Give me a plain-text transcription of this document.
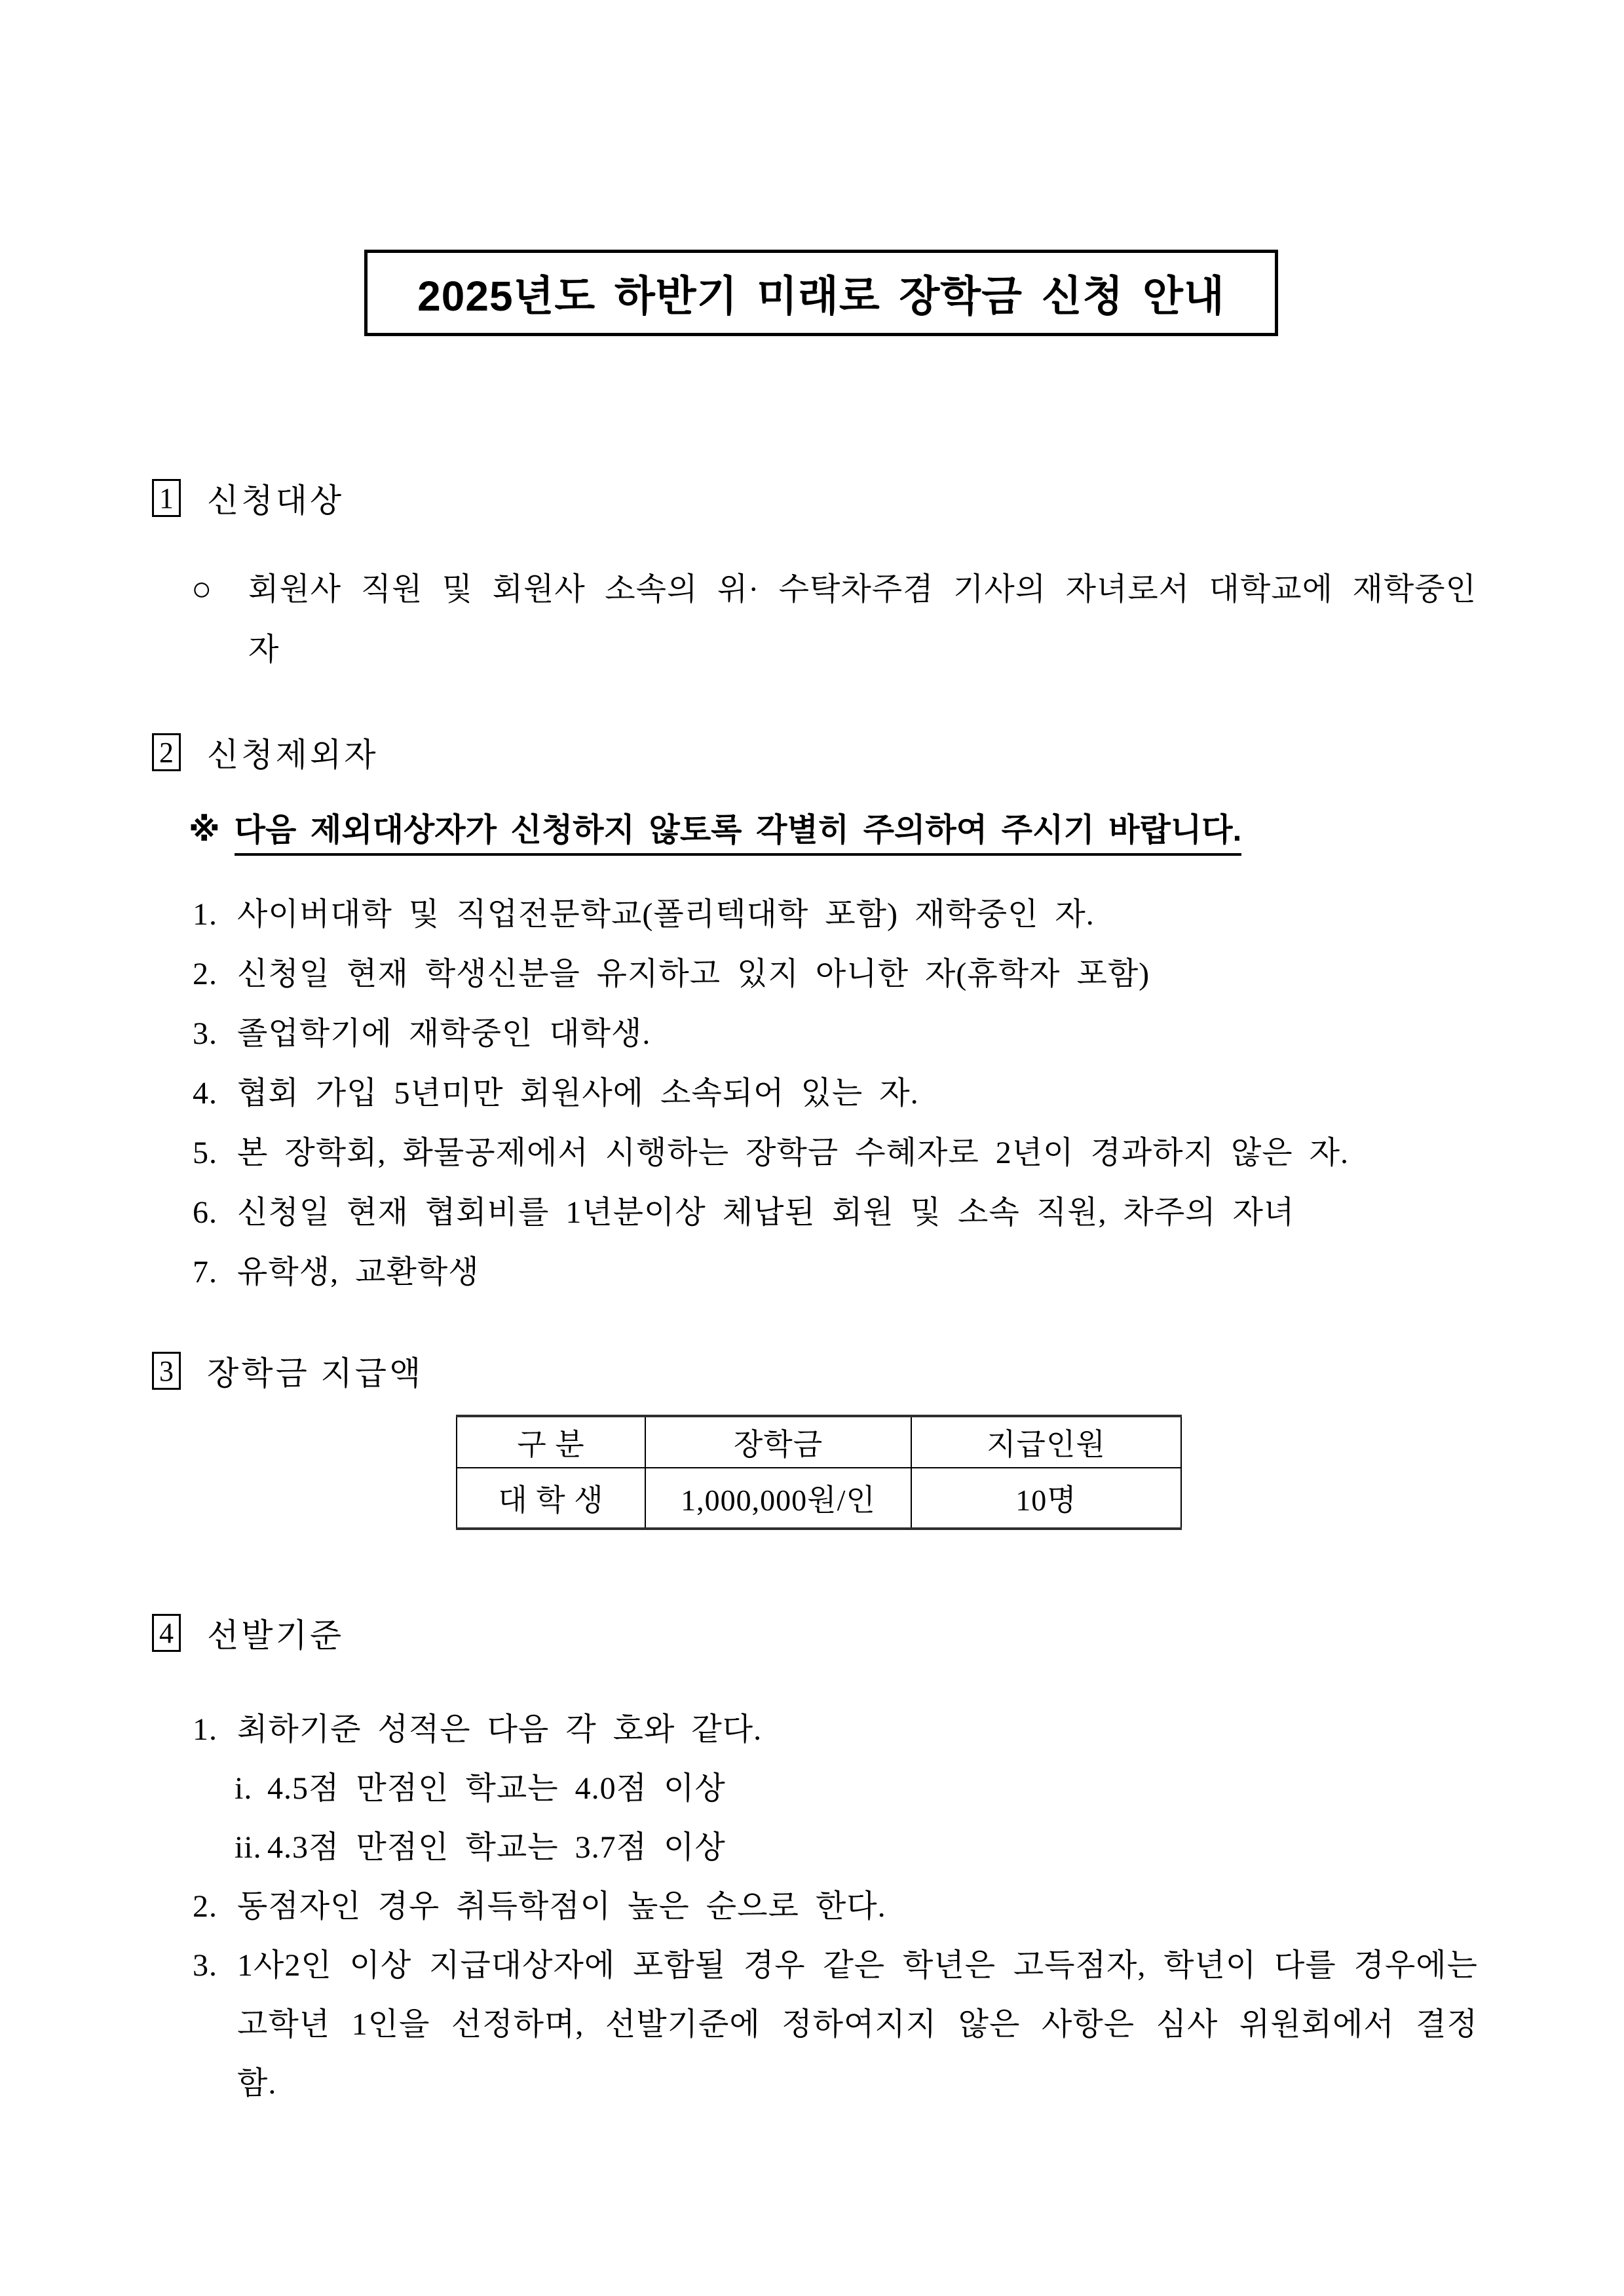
2025년도 하반기 미래로 장학금 신청 안내
1 신청대상
○	회원사 직원 및 회원사 소속의 위· 수탁차주겸 기사의 자녀로서 대학교에 재학중인 자
2 신청제외자
※ 다음 제외대상자가 신청하지 않토록 각별히 주의하여 주시기 바랍니다.
1. 사이버대학 및 직업전문학교(폴리텍대학 포함) 재학중인 자.
2. 신청일 현재 학생신분을 유지하고 있지 아니한 자(휴학자 포함)
3. 졸업학기에 재학중인 대학생.
4. 협회 가입 5년미만 회원사에 소속되어 있는 자.
5. 본 장학회, 화물공제에서 시행하는 장학금 수혜자로 2년이 경과하지 않은 자.
6. 신청일 현재 협회비를 1년분이상 체납된 회원 및 소속 직원, 차주의 자녀
7. 유학생, 교환학생
3 장학금 지급액
구 분	장학금	지급인원
대 학 생	1,000,000원/인	10명
4 선발기준
1. 최하기준 성적은 다음 각 호와 같다.
i. 4.5점 만점인 학교는 4.0점 이상
ii. 4.3점 만점인 학교는 3.7점 이상
2. 동점자인 경우 취득학점이 높은 순으로 한다.
3. 1사2인 이상 지급대상자에 포함될 경우 같은 학년은 고득점자, 학년이 다를 경우에는 고학년 1인을 선정하며, 선발기준에 정하여지지 않은 사항은 심사 위원회에서 결정 함.
